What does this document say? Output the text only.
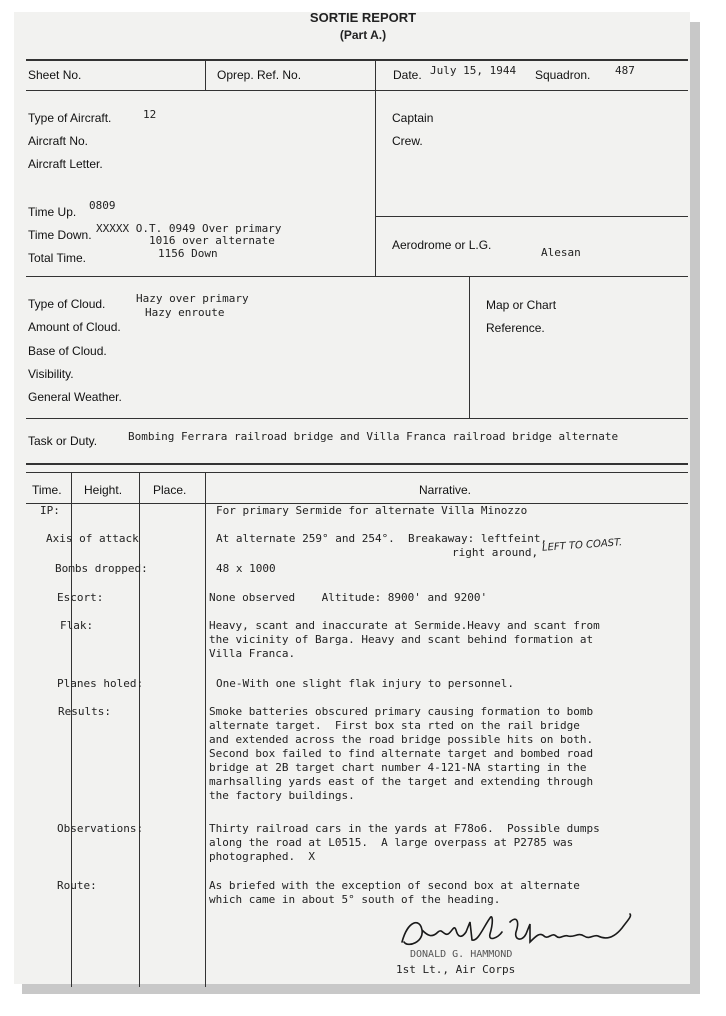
SORTIE REPORT
(Part A.)
Sheet No.	Oprep. Ref. No.	Date. July 15, 1944 Squadron. 487
Type of Aircraft.	12
Aircraft No.
Aircraft Letter.
Captain
Crew.
Time Up. 0809
Time Down. XXXXX O.T. 0949 Over primary
1016 over alternate
Total Time.	1156 Down
Aerodrome or L.G.
Alesan
Type of Cloud.	Hazy over primary
Hazy enroute
Amount of Cloud.
Base of Cloud.
Visibility.
General Weather.
Map or Chart
Reference.
Task or Duty.	Bombing Ferrara railroad bridge and Villa Franca railroad bridge alternate
Time. Height.	Place.	Narrative.
IP:	For primary Sermide for alternate Villa Minozzo
Axis of attack	At alternate 259° and 254°.  Breakaway: leftfeint,
right around, LEFT TO COAST.
Bombs dropped:	48 x 1000
Escort:	None observed    Altitude: 8900' and 9200'
Flak:	Heavy, scant and inaccurate at Sermide.Heavy and scant from
the vicinity of Barga. Heavy and scant behind formation at
Villa Franca.
Planes holed:	One-With one slight flak injury to personnel.
Results:	Smoke batteries obscured primary causing formation to bomb
alternate target.  First box sta rted on the rail bridge
and extended across the road bridge possible hits on both.
Second box failed to find alternate target and bombed road
bridge at 2B target chart number 4-121-NA starting in the
marhsalling yards east of the target and extending through
the factory buildings.
Observations:	Thirty railroad cars in the yards at F78o6.  Possible dumps
along the road at L0515.  A large overpass at P2785 was
photographed.  X
Route:	As briefed with the exception of second box at alternate
which came in about 5° south of the heading.
DONALD G. HAMMOND
1st Lt., Air Corps
